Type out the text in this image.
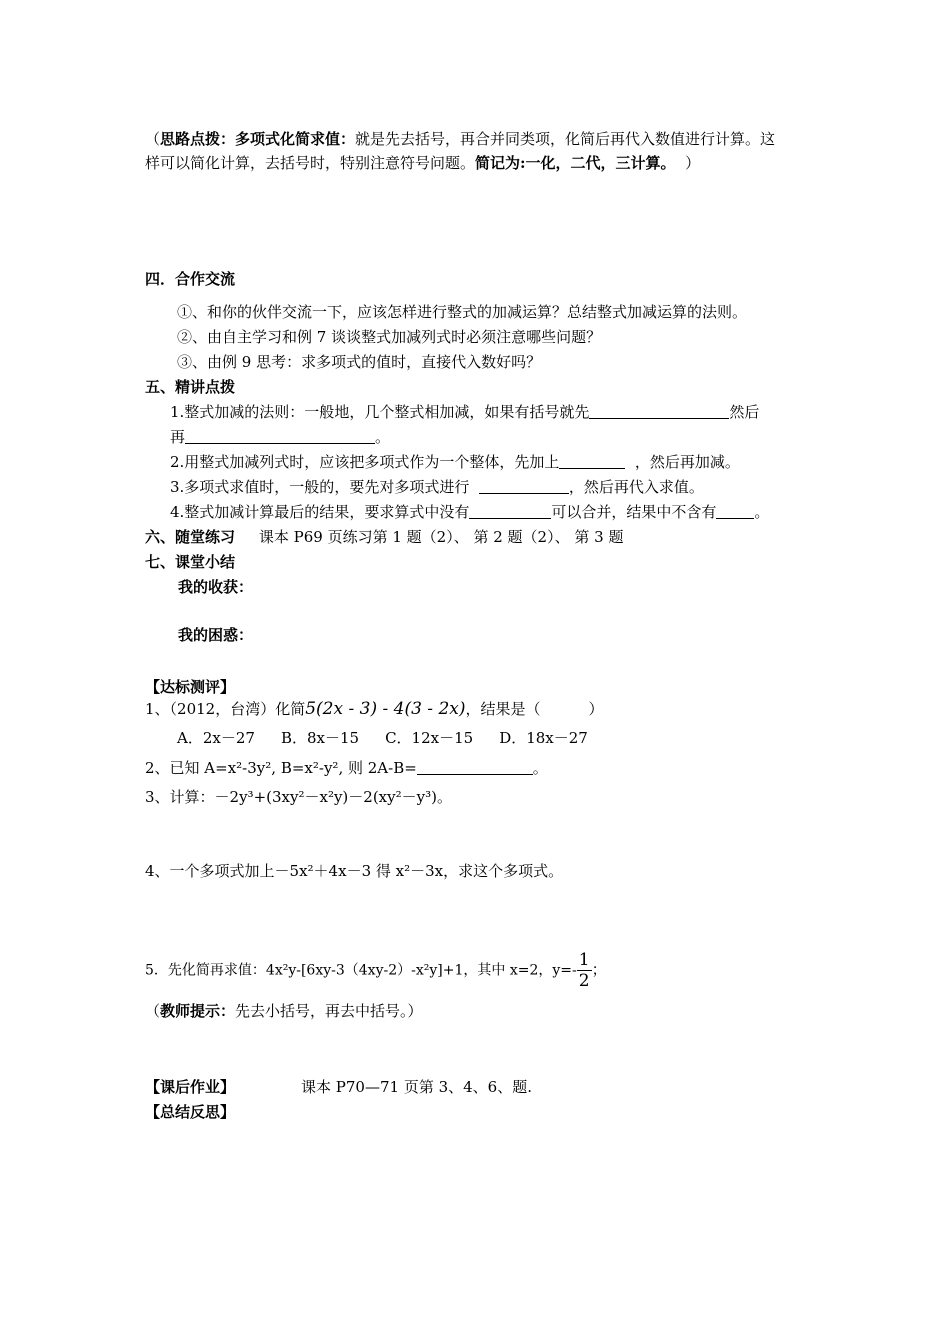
（思路点拨：多项式化简求值：就是先去括号，再合并同类项，化简后再代入数值进行计算。这
样可以简化计算，去括号时，特别注意符号问题。简记为:一化，二代，三计算。 ）
四．合作交流
①、和你的伙伴交流一下，应该怎样进行整式的加减运算？总结整式加减运算的法则。
②、由自主学习和例 7 谈谈整式加减列式时必须注意哪些问题？
③、由例 9 思考：求多项式的值时，直接代入数好吗？
五、精讲点拨
1.整式加减的法则：一般地，几个整式相加减，如果有括号就先	然后
再	。
2.用整式加减列式时，应该把多项式作为一个整体，先加上	，然后再加减。
3.多项式求值时，一般的，要先对多项式进行	，然后再代入求值。
4.整式加减计算最后的结果，要求算式中没有	可以合并，结果中不含有	。
六、随堂练习 课本 P69 页练习第 1 题（2）、 第 2 题（2）、 第 3 题
七、课堂小结
我的收获：
我的困惑：
【达标测评】
1、（2012，台湾）化简5(2x - 3) - 4(3 - 2x)，结果是（	）
A．2x－27 B．8x－15 C．12x－15 D．18x－27
2、已知 A=x²-3y², B=x²-y², 则 2A-B=	。
3、计算：－2y³+(3xy²－x²y)－2(xy²－y³)。
4、一个多项式加上－5x²＋4x－3 得 x²－3x，求这个多项式。
5．先化简再求值：4x²y-[6xy-3（4xy-2）-x²y]+1，其中 x=2，$y=- \frac{1}{2}$ ；
（教师提示：先去小括号，再去中括号。）
【课后作业】	课本 P70—71 页第 3、4、6、题.
【总结反思】
